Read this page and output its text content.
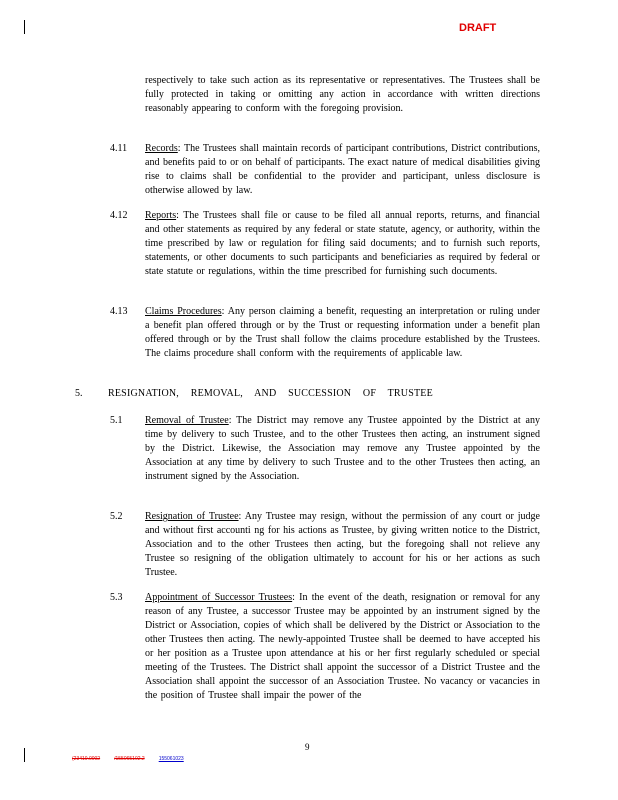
DRAFT
respectively to take such action as its representative or representatives. The Trustees shall be fully protected in taking or omitting any action in accordance with written directions reasonably appearing to conform with the foregoing provision.
4.11 Records: The Trustees shall maintain records of participant contributions, District contributions, and benefits paid to or on behalf of participants. The exact nature of medical disabilities giving rise to claims shall be confidential to the provider and participant, unless disclosure is otherwise allowed by law.
4.12 Reports: The Trustees shall file or cause to be filed all annual reports, returns, and financial and other statements as required by any federal or state statute, agency, or authority, within the time prescribed by law or regulation for filing said documents; and to furnish such reports, statements, or other documents to such participants and beneficiaries as required by federal or state statute or regulations, within the time prescribed for furnishing such documents.
4.13 Claims Procedures: Any person claiming a benefit, requesting an interpretation or ruling under a benefit plan offered through or by the Trust or requesting information under a benefit plan offered through or by the Trust shall follow the claims procedure established by the Trustees. The claims procedure shall conform with the requirements of applicable law.
5.	RESIGNATION, REMOVAL, AND SUCCESSION OF TRUSTEE
5.1 Removal of Trustee: The District may remove any Trustee appointed by the District at any time by delivery to such Trustee, and to the other Trustees then acting, an instrument signed by the District. Likewise, the Association may remove any Trustee appointed by the Association at any time by delivery to such Trustee and to the other Trustees then acting, an instrument signed by the Association.
5.2 Resignation of Trustee: Any Trustee may resign, without the permission of any court or judge and without first accounti ng for his actions as Trustee, by giving written notice to the District, Association and to the other Trustees then acting, but the foregoing shall not relieve any Trustee so resigning of the obligation ultimately to account for his or her actions as such Trustee.
5.3 Appointment of Successor Trustees: In the event of the death, resignation or removal for any reason of any Trustee, a successor Trustee may be appointed by an instrument signed by the District or Association, copies of which shall be delivered by the District or Association to the other Trustees then acting. The newly-appointed Trustee shall be deemed to have accepted his or her position as a Trustee upon attendance at his or her first regularly scheduled or special meeting of the Trustees. The District shall appoint the successor of a District Trustee and the Association shall appoint the successor of an Association Trustee. No vacancy or vacancies in the position of Trustee shall impair the power of the
9
(23410.0002	/155065102.2	155061023
